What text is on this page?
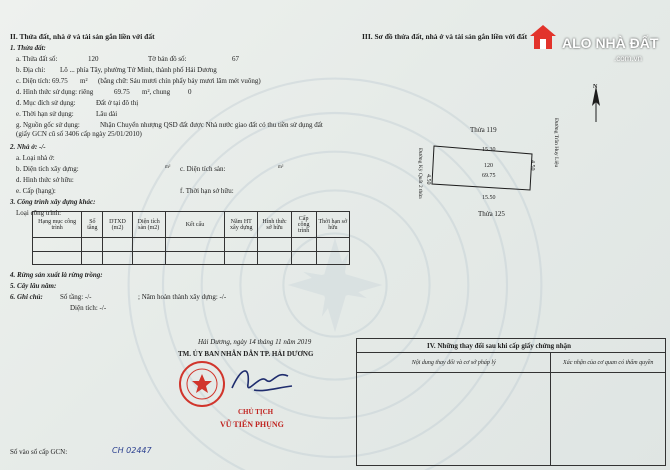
II. Thửa đất, nhà ở và tài sản gắn liền với đất
1. Thửa đất:
a. Thửa đất số:	120	Tờ bản đồ số:	67
b. Địa chỉ: Lô ... phía Tây, phường Tứ Minh, thành phố Hải Dương
c. Diện tích: 69.75 m² (bằng chữ: Sáu mươi chín phẩy bảy mươi lăm mét vuông)
d. Hình thức sử dụng: riêng	69.75 m², chung	0
đ. Mục đích sử dụng:	Đất ở tại đô thị
e. Thời hạn sử dụng:	Lâu dài
g. Nguồn gốc sử dụng:	Nhận Chuyển nhượng QSD đất được Nhà nước giao đất có thu tiền sử dụng đất (giấy GCN cũ số 3406 cấp ngày 25/01/2010)
2. Nhà ở: -/-
a. Loại nhà ở:
b. Diện tích xây dựng:	m² c. Diện tích sàn:	m²
d. Hình thức sở hữu:
e. Cấp (hạng):	f. Thời hạn sở hữu:
3. Công trình xây dựng khác:
Loại công trình:
Hạng mục công trình	Số tầng	DTXD (m2)	Diện tích sàn (m2)	Kết cấu	Năm HT xây dựng	Hình thức sở hữu	Cấp công trình	Thời hạn sở hữu

4. Rừng sản xuất là rừng trồng:
5. Cây lâu năm:
6. Ghi chú: Số tầng: -/-	; Năm hoàn thành xây dựng: -/-
Diện tích: -/-
Hải Dương, ngày 14 tháng 11 năm 2019
TM. ỦY BAN NHÂN DÂN TP. HẢI DƯƠNG
CHỦ TỊCH
VŨ TIẾN PHỤNG
Số vào sổ cấp GCN:	CH 02447
III. Sơ đồ thửa đất, nhà ở và tài sản gắn liền với đất
N
Thửa 119
Thửa 125
15.30
15.50
4.50
4.50
120
69.75
Đường Kỳ Quất 2 thửa
Đường Trần Huy Liệu
IV. Những thay đổi sau khi cấp giấy chứng nhận	
Nội dung thay đổi và cơ sở pháp lý	Xác nhận của cơ quan có thẩm quyền

ALO NHÀ ĐẤT
.com.vn
